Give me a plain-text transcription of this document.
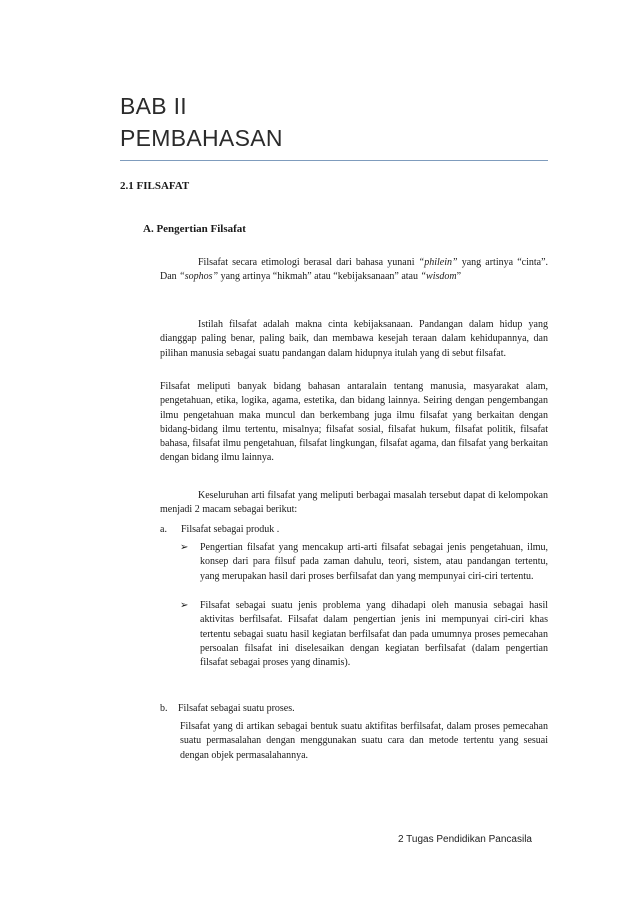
BAB II
PEMBAHASAN
2.1 FILSAFAT
A. Pengertian Filsafat

Filsafat secara etimologi berasal dari bahasa yunani “philein” yang artinya “cinta”. Dan “sophos” yang artinya “hikmah” atau “kebijaksanaan” atau “wisdom”

Istilah filsafat adalah makna cinta kebijaksanaan. Pandangan dalam hidup yang dianggap paling benar, paling baik, dan membawa kesejah teraan dalam kehidupannya, dan pilihan manusia sebagai suatu pandangan dalam hidupnya itulah yang di sebut filsafat.

Filsafat meliputi banyak bidang bahasan antaralain tentang manusia, masyarakat alam, pengetahuan, etika, logika, agama, estetika, dan bidang lainnya. Seiring dengan pengembangan ilmu pengetahuan maka muncul dan berkembang juga ilmu filsafat yang berkaitan dengan bidang-bidang ilmu tertentu, misalnya; filsafat sosial, filsafat hukum, filsafat politik, filsafat bahasa, filsafat ilmu pengetahuan, filsafat lingkungan, filsafat agama, dan filsafat yang berkaitan dengan bidang ilmu lainnya.

Keseluruhan arti filsafat yang meliputi berbagai masalah tersebut dapat di kelompokan menjadi 2 macam sebagai berikut:

a. Filsafat sebagai produk .
➢	Pengertian filsafat yang mencakup arti-arti filsafat sebagai jenis pengetahuan, ilmu, konsep dari para filsuf pada zaman dahulu, teori, sistem, atau pandangan tertentu, yang merupakan hasil dari proses berfilsafat dan yang mempunyai ciri-ciri tertentu.
➢	Filsafat sebagai suatu jenis problema yang dihadapi oleh manusia sebagai hasil aktivitas berfilsafat. Filsafat dalam pengertian jenis ini mempunyai ciri-ciri khas tertentu sebagai suatu hasil kegiatan berfilsafat dan pada umumnya proses pemecahan persoalan filsafat ini diselesaikan dengan kegiatan berfilsafat (dalam pengertian filsafat sebagai proses yang dinamis).
b. Filsafat sebagai suatu proses.

Filsafat yang di artikan sebagai bentuk suatu aktifitas berfilsafat, dalam proses pemecahan suatu permasalahan dengan menggunakan suatu cara dan metode tertentu yang sesuai dengan objek permasalahannya.

2 Tugas Pendidikan Pancasila
